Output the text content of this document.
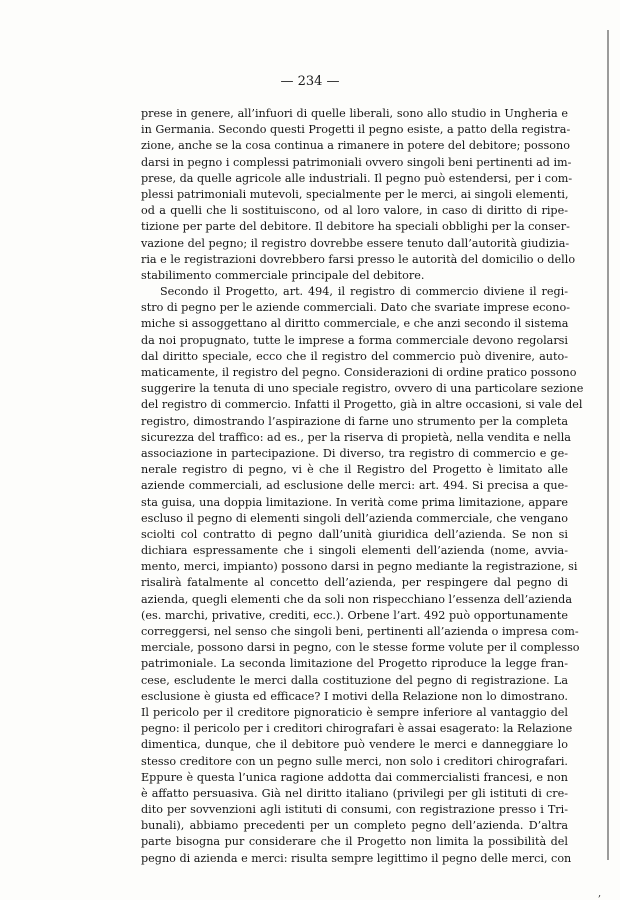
— 234 —
prese in genere, all’infuori di quelle liberali, sono allo studio in Ungheria e
in Germania. Secondo questi Progetti il pegno esiste, a patto della registra-
zione, anche se la cosa continua a rimanere in potere del debitore; possono
darsi in pegno i complessi patrimoniali ovvero singoli beni pertinenti ad im-
prese, da quelle agricole alle industriali. Il pegno può estendersi, per i com-
plessi patrimoniali mutevoli, specialmente per le merci, ai singoli elementi,
od a quelli che li sostituiscono, od al loro valore, in caso di diritto di ripe-
tizione per parte del debitore. Il debitore ha speciali obblighi per la conser-
vazione del pegno; il registro dovrebbe essere tenuto dall’autorità giudizia-
ria e le registrazioni dovrebbero farsi presso le autorità del domicilio o dello
stabilimento commerciale principale del debitore.
Secondo il Progetto, art. 494, il registro di commercio diviene il regi-
stro di pegno per le aziende commerciali. Dato che svariate imprese econo-
miche si assoggettano al diritto commerciale, e che anzi secondo il sistema
da noi propugnato, tutte le imprese a forma commerciale devono regolarsi
dal diritto speciale, ecco che il registro del commercio può divenire, auto-
maticamente, il registro del pegno. Considerazioni di ordine pratico possono
suggerire la tenuta di uno speciale registro, ovvero di una particolare sezione
del registro di commercio. Infatti il Progetto, già in altre occasioni, si vale del
registro, dimostrando l’aspirazione di farne uno strumento per la completa
sicurezza del traffico: ad es., per la riserva di propietà, nella vendita e nella
associazione in partecipazione. Di diverso, tra registro di commercio e ge-
nerale registro di pegno, vi è che il Registro del Progetto è limitato alle
aziende commerciali, ad esclusione delle merci: art. 494. Si precisa a que-
sta guisa, una doppia limitazione. In verità come prima limitazione, appare
escluso il pegno di elementi singoli dell’azienda commerciale, che vengano
sciolti col contratto di pegno dall’unità giuridica dell’azienda. Se non si
dichiara espressamente che i singoli elementi dell’azienda (nome, avvia-
mento, merci, impianto) possono darsi in pegno mediante la registrazione, si
risalirà fatalmente al concetto dell’azienda, per respingere dal pegno di
azienda, quegli elementi che da soli non rispecchiano l’essenza dell’azienda
(es. marchi, privative, crediti, ecc.). Orbene l’art. 492 può opportunamente
correggersi, nel senso che singoli beni, pertinenti all’azienda o impresa com-
merciale, possono darsi in pegno, con le stesse forme volute per il complesso
patrimoniale. La seconda limitazione del Progetto riproduce la legge fran-
cese, escludente le merci dalla costituzione del pegno di registrazione. La
esclusione è giusta ed efficace? I motivi della Relazione non lo dimostrano.
Il pericolo per il creditore pignoraticio è sempre inferiore al vantaggio del
pegno: il pericolo per i creditori chirografari è assai esagerato: la Relazione
dimentica, dunque, che il debitore può vendere le merci e danneggiare lo
stesso creditore con un pegno sulle merci, non solo i creditori chirografari.
Eppure è questa l’unica ragione addotta dai commercialisti francesi, e non
è affatto persuasiva. Già nel diritto italiano (privilegi per gli istituti di cre-
dito per sovvenzioni agli istituti di consumi, con registrazione presso i Tri-
bunali), abbiamo precedenti per un completo pegno dell’azienda. D’altra
parte bisogna pur considerare che il Progetto non limita la possibilità del
pegno di azienda e merci: risulta sempre legittimo il pegno delle merci, con
,
